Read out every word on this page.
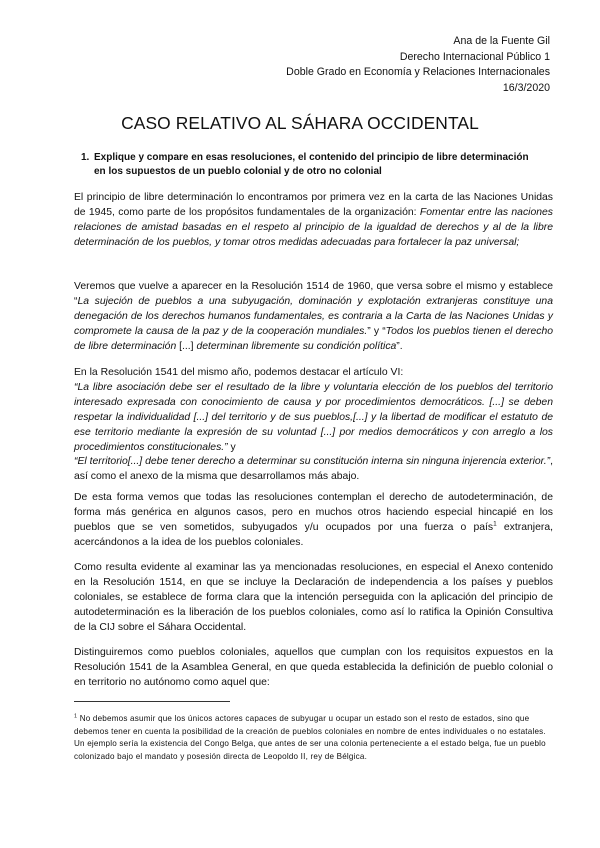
Ana de la Fuente Gil
Derecho Internacional Público 1
Doble Grado en Economía y Relaciones Internacionales
16/3/2020
CASO RELATIVO AL SÁHARA OCCIDENTAL
1. Explique y compare en esas resoluciones, el contenido del principio de libre determinación en los supuestos de un pueblo colonial y de otro no colonial
El principio de libre determinación lo encontramos por primera vez en la carta de las Naciones Unidas de 1945, como parte de los propósitos fundamentales de la organización: Fomentar entre las naciones relaciones de amistad basadas en el respeto al principio de la igualdad de derechos y al de la libre determinación de los pueblos, y tomar otros medidas adecuadas para fortalecer la paz universal;
Veremos que vuelve a aparecer en la Resolución 1514 de 1960, que versa sobre el mismo y establece “La sujeción de pueblos a una subyugación, dominación y explotación extranjeras constituye una denegación de los derechos humanos fundamentales, es contraria a la Carta de las Naciones Unidas y compromete la causa de la paz y de la cooperación mundiales.” y “Todos los pueblos tienen el derecho de libre determinación [...] determinan libremente su condición política”.
En la Resolución 1541 del mismo año, podemos destacar el artículo VI:
“La libre asociación debe ser el resultado de la libre y voluntaria elección de los pueblos del territorio interesado expresada con conocimiento de causa y por procedimientos democráticos. [...] se deben respetar la individualidad [...] del territorio y de sus pueblos,[...] y la libertad de modificar el estatuto de ese territorio mediante la expresión de su voluntad [...] por medios democráticos y con arreglo a los procedimientos constitucionales.” y
“El territorio[...] debe tener derecho a determinar su constitución interna sin ninguna injerencia exterior.”, así como el anexo de la misma que desarrollamos más abajo.
De esta forma vemos que todas las resoluciones contemplan el derecho de autodeterminación, de forma más genérica en algunos casos, pero en muchos otros haciendo especial hincapié en los pueblos que se ven sometidos, subyugados y/u ocupados por una fuerza o país$^1$ extranjera, acercándonos a la idea de los pueblos coloniales.
Como resulta evidente al examinar las ya mencionadas resoluciones, en especial el Anexo contenido en la Resolución 1514, en que se incluye la Declaración de independencia a los países y pueblos coloniales, se establece de forma clara que la intención perseguida con la aplicación del principio de autodeterminación es la liberación de los pueblos coloniales, como así lo ratifica la Opinión Consultiva de la CIJ sobre el Sáhara Occidental.
Distinguiremos como pueblos coloniales, aquellos que cumplan con los requisitos expuestos en la Resolución 1541 de la Asamblea General, en que queda establecida la definición de pueblo colonial o en territorio no autónomo como aquel que:
$^1$ No debemos asumir que los únicos actores capaces de subyugar u ocupar un estado son el resto de estados, sino que debemos tener en cuenta la posibilidad de la creación de pueblos coloniales en nombre de entes individuales o no estatales. Un ejemplo sería la existencia del Congo Belga, que antes de ser una colonia perteneciente a el estado belga, fue un pueblo colonizado bajo el mandato y posesión directa de Leopoldo II, rey de Bélgica.
